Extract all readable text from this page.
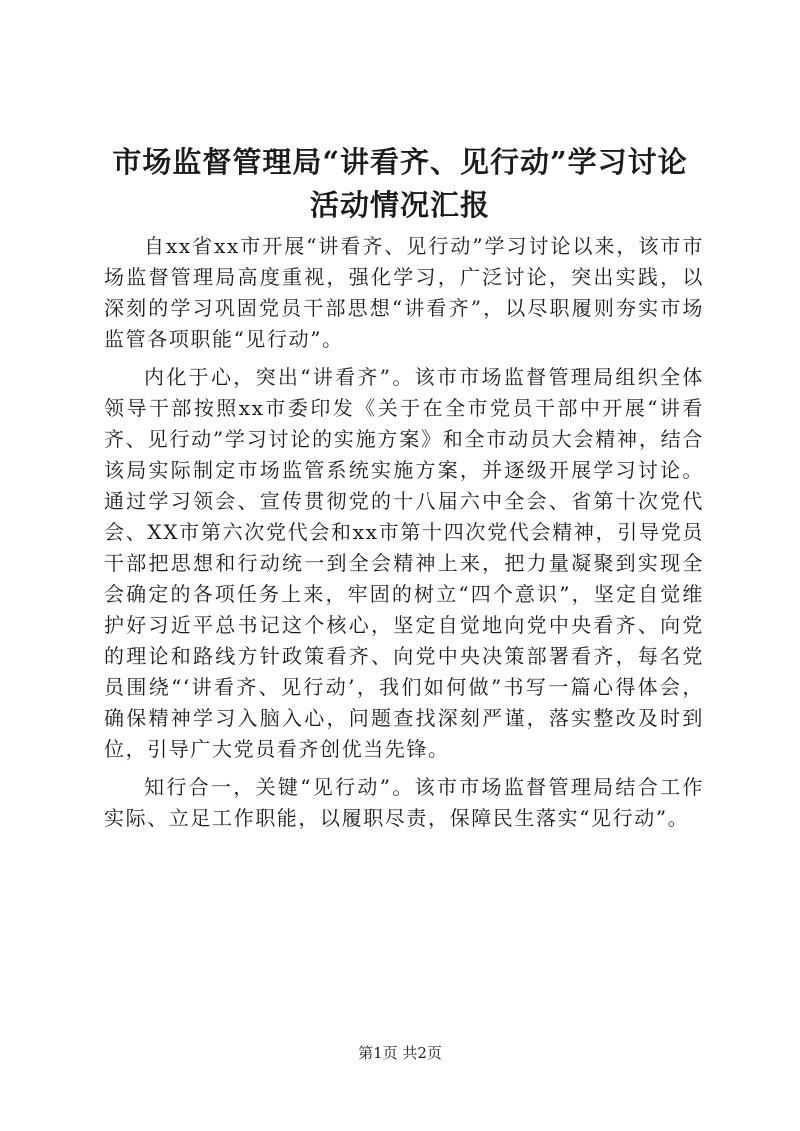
市场监督管理局“讲看齐、见行动”学习讨论
活动情况汇报

自xx省xx市开展“讲看齐、见行动”学习讨论以来，该市市场监督管理局高度重视，强化学习，广泛讨论，突出实践，以深刻的学习巩固党员干部思想“讲看齐”，以尽职履则夯实市场监管各项职能“见行动”。

内化于心，突出“讲看齐”。该市市场监督管理局组织全体领导干部按照xx市委印发《关于在全市党员干部中开展“讲看齐、见行动”学习讨论的实施方案》和全市动员大会精神，结合该局实际制定市场监管系统实施方案，并逐级开展学习讨论。通过学习领会、宣传贯彻党的十八届六中全会、省第十次党代会、XX市第六次党代会和xx市第十四次党代会精神，引导党员干部把思想和行动统一到全会精神上来，把力量凝聚到实现全会确定的各项任务上来，牢固的树立“四个意识”，坚定自觉维护好习近平总书记这个核心，坚定自觉地向党中央看齐、向党的理论和路线方针政策看齐、向党中央决策部署看齐，每名党员围绕“‘讲看齐、见行动’，我们如何做”书写一篇心得体会，确保精神学习入脑入心，问题查找深刻严谨，落实整改及时到位，引导广大党员看齐创优当先锋。

知行合一，关键“见行动”。该市市场监督管理局结合工作实际、立足工作职能，以履职尽责，保障民生落实“见行动”。

第1页 共2页
